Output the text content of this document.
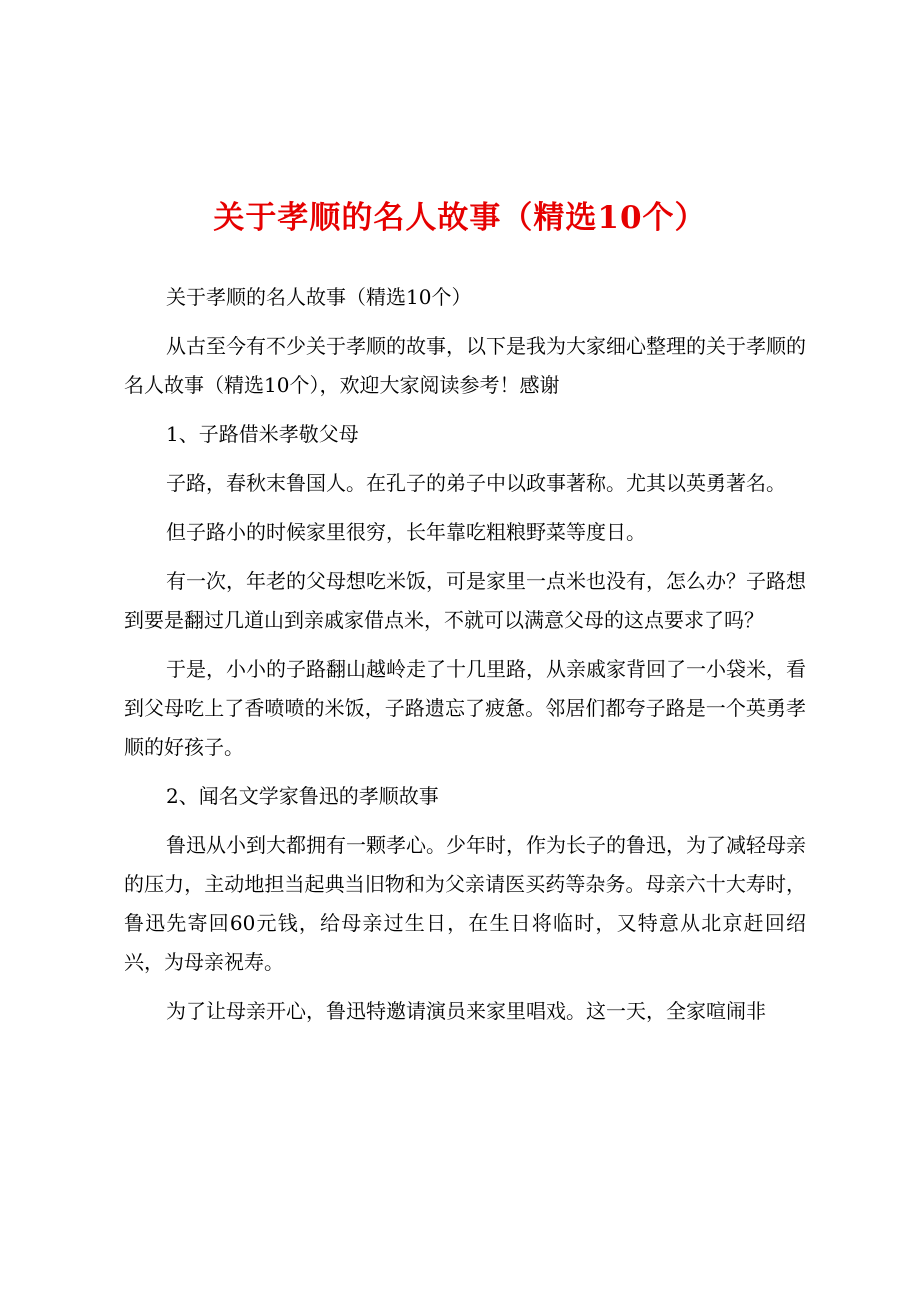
关于孝顺的名人故事（精选10个）

关于孝顺的名人故事（精选10个）

从古至今有不少关于孝顺的故事，以下是我为大家细心整理的关于孝顺的名人故事（精选10个），欢迎大家阅读参考！感谢

1、子路借米孝敬父母

子路，春秋末鲁国人。在孔子的弟子中以政事著称。尤其以英勇著名。

但子路小的时候家里很穷，长年靠吃粗粮野菜等度日。

有一次，年老的父母想吃米饭，可是家里一点米也没有，怎么办？子路想到要是翻过几道山到亲戚家借点米，不就可以满意父母的这点要求了吗？

于是，小小的子路翻山越岭走了十几里路，从亲戚家背回了一小袋米，看到父母吃上了香喷喷的米饭，子路遗忘了疲惫。邻居们都夸子路是一个英勇孝顺的好孩子。

2、闻名文学家鲁迅的孝顺故事

鲁迅从小到大都拥有一颗孝心。少年时，作为长子的鲁迅，为了减轻母亲的压力，主动地担当起典当旧物和为父亲请医买药等杂务。母亲六十大寿时，鲁迅先寄回60元钱，给母亲过生日，在生日将临时，又特意从北京赶回绍兴，为母亲祝寿。

为了让母亲开心，鲁迅特邀请演员来家里唱戏。这一天，全家喧闹非
